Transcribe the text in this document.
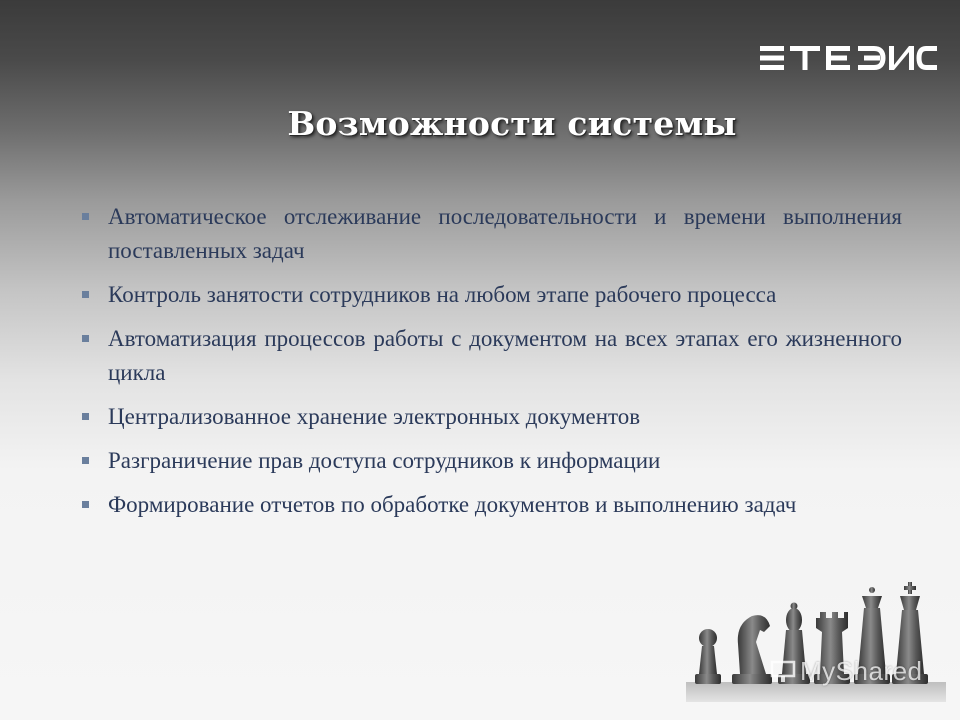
Возможности системы
Автоматическое отслеживание последовательности и времени выполнения поставленных задач
Контроль занятости сотрудников на любом этапе рабочего процесса
Автоматизация процессов работы с документом на всех этапах его жизненного цикла
Централизованное хранение электронных документов
Разграничение прав доступа сотрудников к информации
Формирование отчетов по обработке документов и выполнению задач
MyShared
